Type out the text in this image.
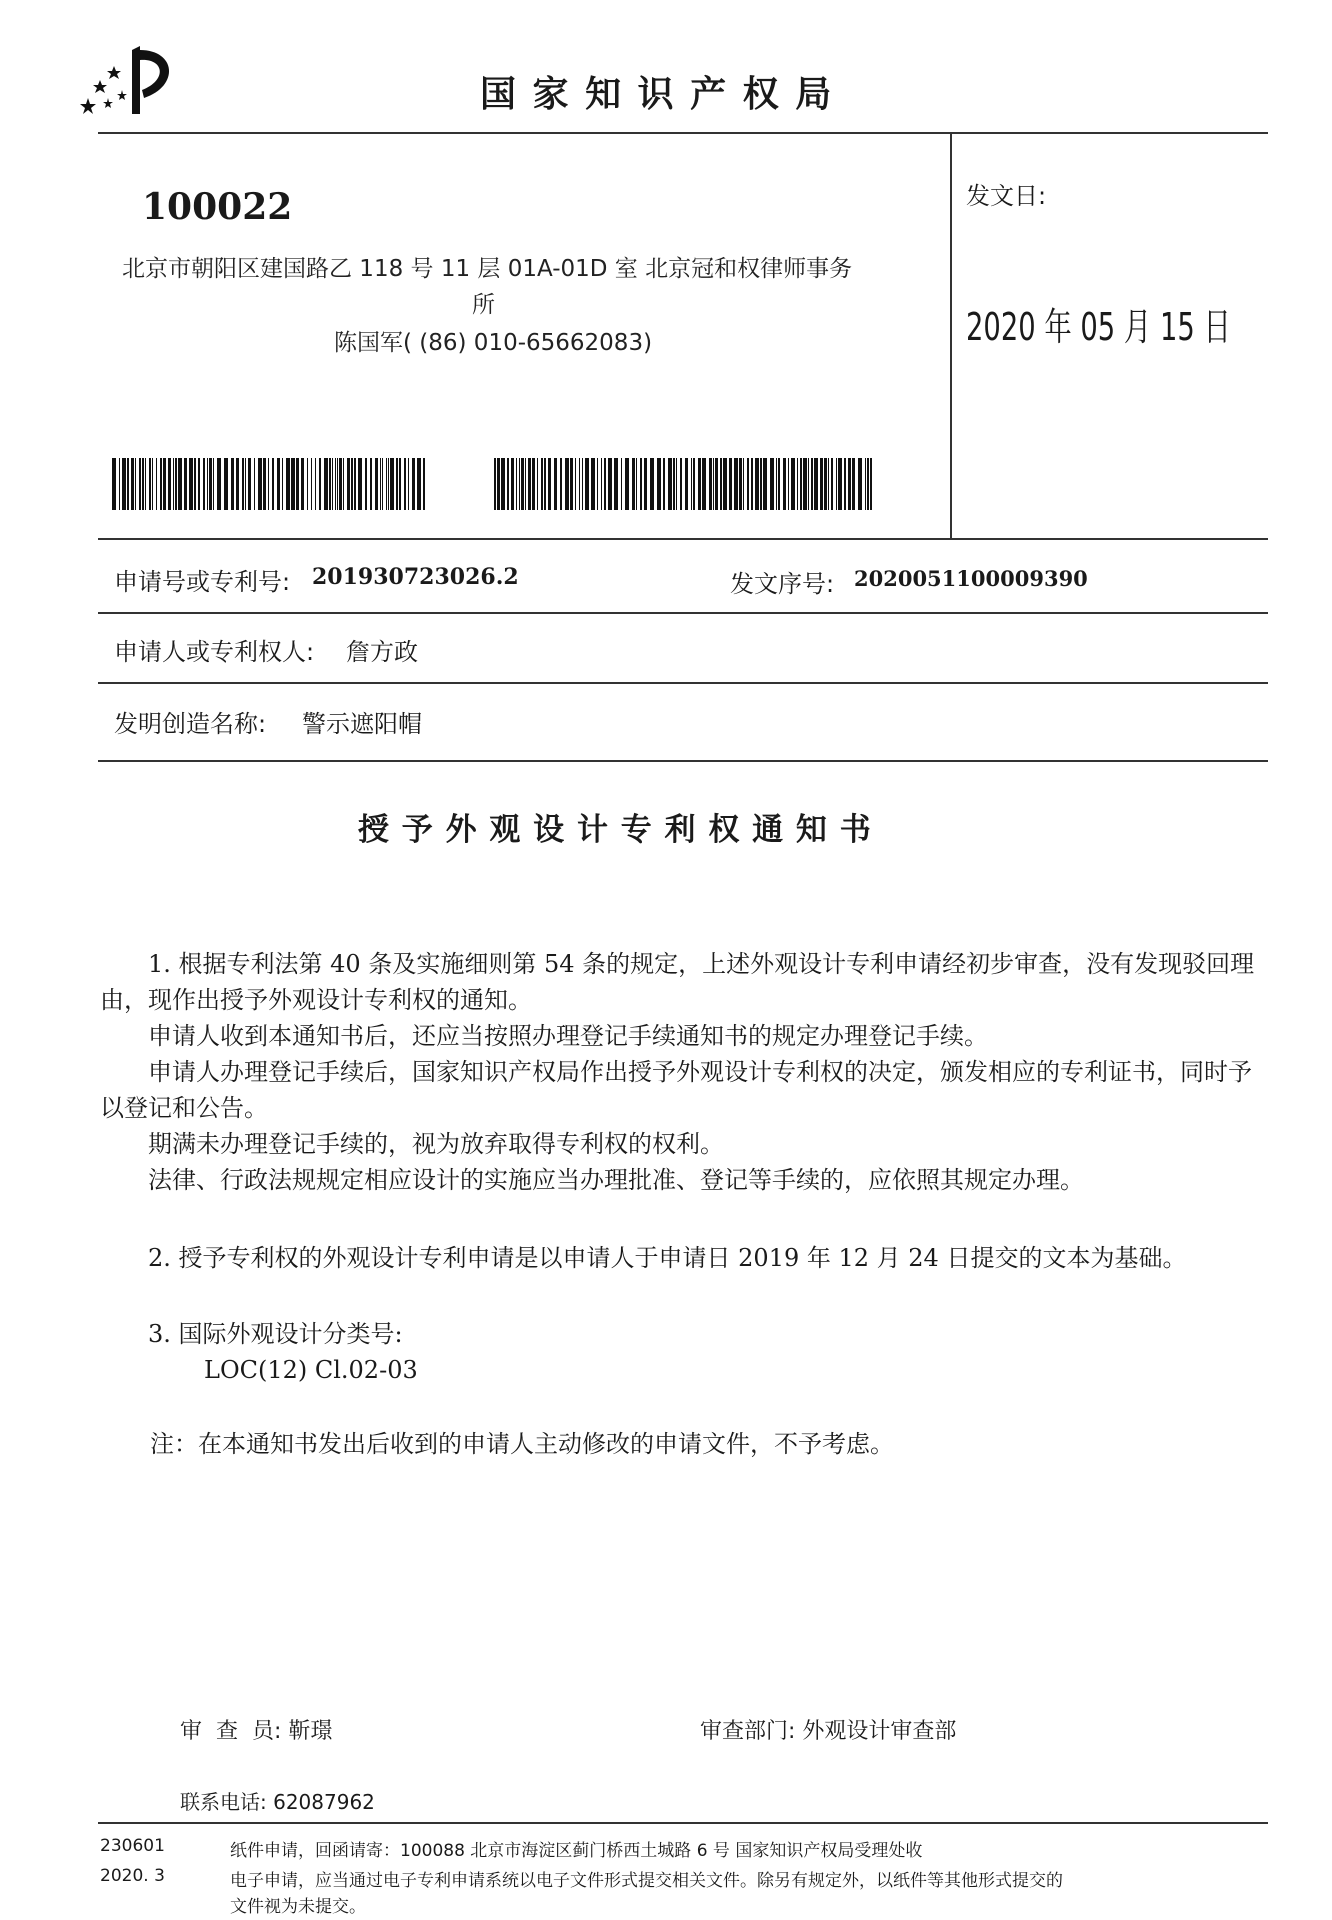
国 家 知 识 产 权 局
100022
北京市朝阳区建国路乙 118 号 11 层 01A-01D 室 北京冠和权律师事务
所
陈国军( (86) 010-65662083)
发文日:
2020 年 05 月 15 日
申请号或专利号: 201930723026.2	发文序号: 2020051100009390
申请人或专利权人: 詹方政
发明创造名称: 警示遮阳帽
授 予 外 观 设 计 专 利 权 通 知 书
1. 根据专利法第 40 条及实施细则第 54 条的规定，上述外观设计专利申请经初步审查，没有发现驳回理由，现作出授予外观设计专利权的通知。
申请人收到本通知书后，还应当按照办理登记手续通知书的规定办理登记手续。
申请人办理登记手续后，国家知识产权局作出授予外观设计专利权的决定，颁发相应的专利证书，同时予以登记和公告。
期满未办理登记手续的，视为放弃取得专利权的权利。
法律、行政法规规定相应设计的实施应当办理批准、登记等手续的，应依照其规定办理。
2. 授予专利权的外观设计专利申请是以申请人于申请日 2019 年 12 月 24 日提交的文本为基础。
3. 国际外观设计分类号:
LOC(12) Cl.02-03
注：在本通知书发出后收到的申请人主动修改的申请文件，不予考虑。
审  查  员: 靳璟	审查部门: 外观设计审查部
联系电话: 62087962
230601	纸件申请，回函请寄：100088 北京市海淀区蓟门桥西土城路 6 号 国家知识产权局受理处收
2020. 3	电子申请，应当通过电子专利申请系统以电子文件形式提交相关文件。除另有规定外，以纸件等其他形式提交的
文件视为未提交。
